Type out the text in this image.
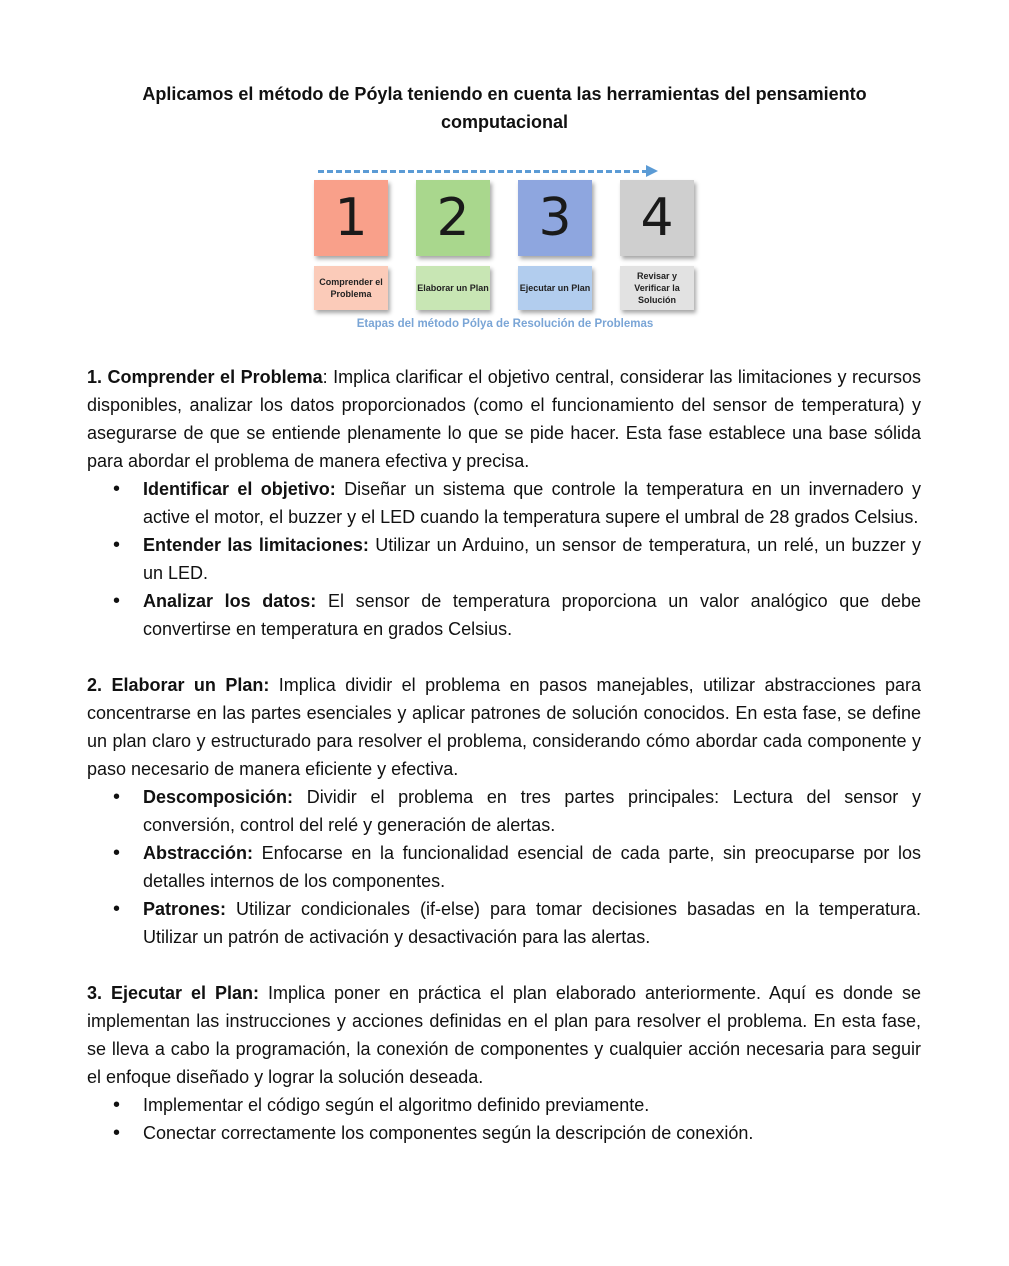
Aplicamos el método de Póyla teniendo en cuenta las herramientas del pensamiento computacional
1
Comprender el Problema
2
Elaborar un Plan
3
Ejecutar un Plan
4
Revisar y Verificar la Solución
Etapas del método Pólya de Resolución de Problemas

1. Comprender el Problema: Implica clarificar el objetivo central, considerar las limitaciones y recursos disponibles, analizar los datos proporcionados (como el funcionamiento del sensor de temperatura) y asegurarse de que se entiende plenamente lo que se pide hacer. Esta fase establece una base sólida para abordar el problema de manera efectiva y precisa.

• Identificar el objetivo: Diseñar un sistema que controle la temperatura en un invernadero y active el motor, el buzzer y el LED cuando la temperatura supere el umbral de 28 grados Celsius.
• Entender las limitaciones: Utilizar un Arduino, un sensor de temperatura, un relé, un buzzer y un LED.
• Analizar los datos: El sensor de temperatura proporciona un valor analógico que debe convertirse en temperatura en grados Celsius.

2. Elaborar un Plan: Implica dividir el problema en pasos manejables, utilizar abstracciones para concentrarse en las partes esenciales y aplicar patrones de solución conocidos. En esta fase, se define un plan claro y estructurado para resolver el problema, considerando cómo abordar cada componente y paso necesario de manera eficiente y efectiva.

• Descomposición: Dividir el problema en tres partes principales: Lectura del sensor y conversión, control del relé y generación de alertas.
• Abstracción: Enfocarse en la funcionalidad esencial de cada parte, sin preocuparse por los detalles internos de los componentes.
• Patrones: Utilizar condicionales (if-else) para tomar decisiones basadas en la temperatura. Utilizar un patrón de activación y desactivación para las alertas.

3. Ejecutar el Plan: Implica poner en práctica el plan elaborado anteriormente. Aquí es donde se implementan las instrucciones y acciones definidas en el plan para resolver el problema. En esta fase, se lleva a cabo la programación, la conexión de componentes y cualquier acción necesaria para seguir el enfoque diseñado y lograr la solución deseada.

• Implementar el código según el algoritmo definido previamente.
• Conectar correctamente los componentes según la descripción de conexión.
